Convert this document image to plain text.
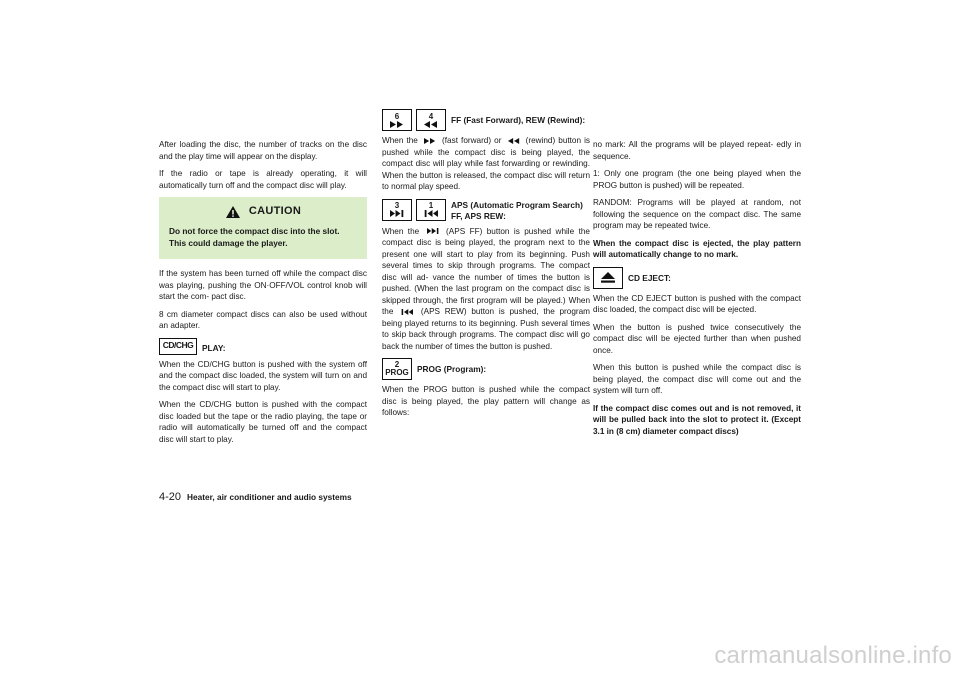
After loading the disc, the number of tracks on the disc and the play time will appear on the display.

If the radio or tape is already operating, it will automatically turn off and the compact disc will play.

CAUTION
Do not force the compact disc into the slot. This could damage the player.

If the system has been turned off while the compact disc was playing, pushing the ON·OFF/VOL control knob will start the com- pact disc.

8 cm diameter compact discs can also be used without an adapter.

CD/CHG	PLAY:

When the CD/CHG button is pushed with the system off and the compact disc loaded, the system will turn on and the compact disc will start to play.

When the CD/CHG button is pushed with the compact disc loaded but the tape or the radio playing, the tape or radio will automatically be turned off and the compact disc will start to play.

6	4 FF (Fast Forward), REW (Rewind):

When the	(fast forward) or	(rewind) button is pushed while the compact disc is being played, the compact disc will play while fast forwarding or rewinding. When the button is released, the compact disc will return to normal play speed.

3	1 APS (Automatic Program Search) FF, APS REW:

When the	(APS FF) button is pushed while the compact disc is being played, the program next to the present one will start to play from its beginning. Push several times to skip through programs. The compact disc will ad- vance the number of times the button is pushed. (When the last program on the compact disc is skipped through, the first program will be played.) When the	(APS REW) button is pushed, the program being played returns to its beginning. Push several times to skip back through programs. The compact disc will go back the number of times the button is pushed.

2
PROG PROG (Program):

When the PROG button is pushed while the compact disc is being played, the play pattern will change as follows:

no mark: All the programs will be played repeat- edly in sequence.

1: Only one program (the one being played when the PROG button is pushed) will be repeated.

RANDOM: Programs will be played at random, not following the sequence on the compact disc. The same program may be repeated twice.

When the compact disc is ejected, the play pattern will automatically change to no mark.

CD EJECT:

When the CD EJECT button is pushed with the compact disc loaded, the compact disc will be ejected.

When the button is pushed twice consecutively the compact disc will be ejected further than when pushed once.

When this button is pushed while the compact disc is being played, the compact disc will come out and the system will turn off.

If the compact disc comes out and is not removed, it will be pulled back into the slot to protect it. (Except 3.1 in (8 cm) diameter compact discs)

4-20 Heater, air conditioner and audio systems
carmanualsonline.info
